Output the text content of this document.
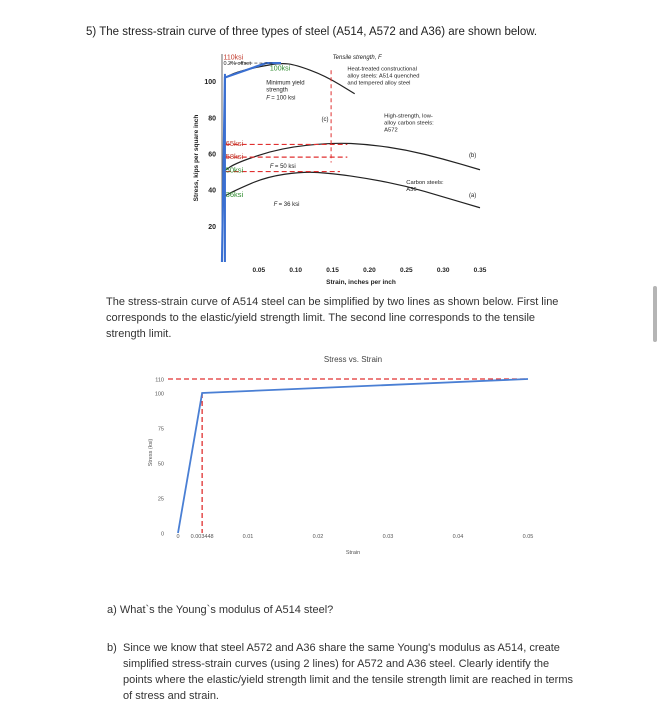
5) The stress-strain curve of three types of steel (A514, A572 and A36) are shown below.
20
40
60
80
100
0.05	0.10	0.15	0.20	0.25	0.30	0.35
Strain, inches per inch
Stress, kips per square inch
110ksi
100ksi
65ksi
58ksi
50ksi
36ksi
0.2% offset
Tensile strength, F
Minimum yield
strength
F = 100 ksi
F = 50 ksi
F = 36 ksi
Heat-treated constructional
alloy steels: A514 quenched
and tempered alloy steel
High-strength, low-
alloy carbon steels:
A572
Carbon steels:
A36
(c)
(b)
(a)
The stress-strain curve of A514 steel can be simplified by two lines as shown below. First line corresponds to the elastic/yield strength limit. The second line corresponds to the tensile strength limit.
Stress vs. Strain
0
25
50
75
100
110
0	0.01	0.02	0.03	0.04	0.05
Strain
Stress (ksi)
0.003448
a) What`s the Young`s modulus of A514 steel?
b) Since we know that steel A572 and A36 share the same Young's modulus as A514, create simplified stress-strain curves (using 2 lines) for A572 and A36 steel. Clearly identify the points where the elastic/yield strength limit and the tensile strength limit are reached in terms of stress and strain.
